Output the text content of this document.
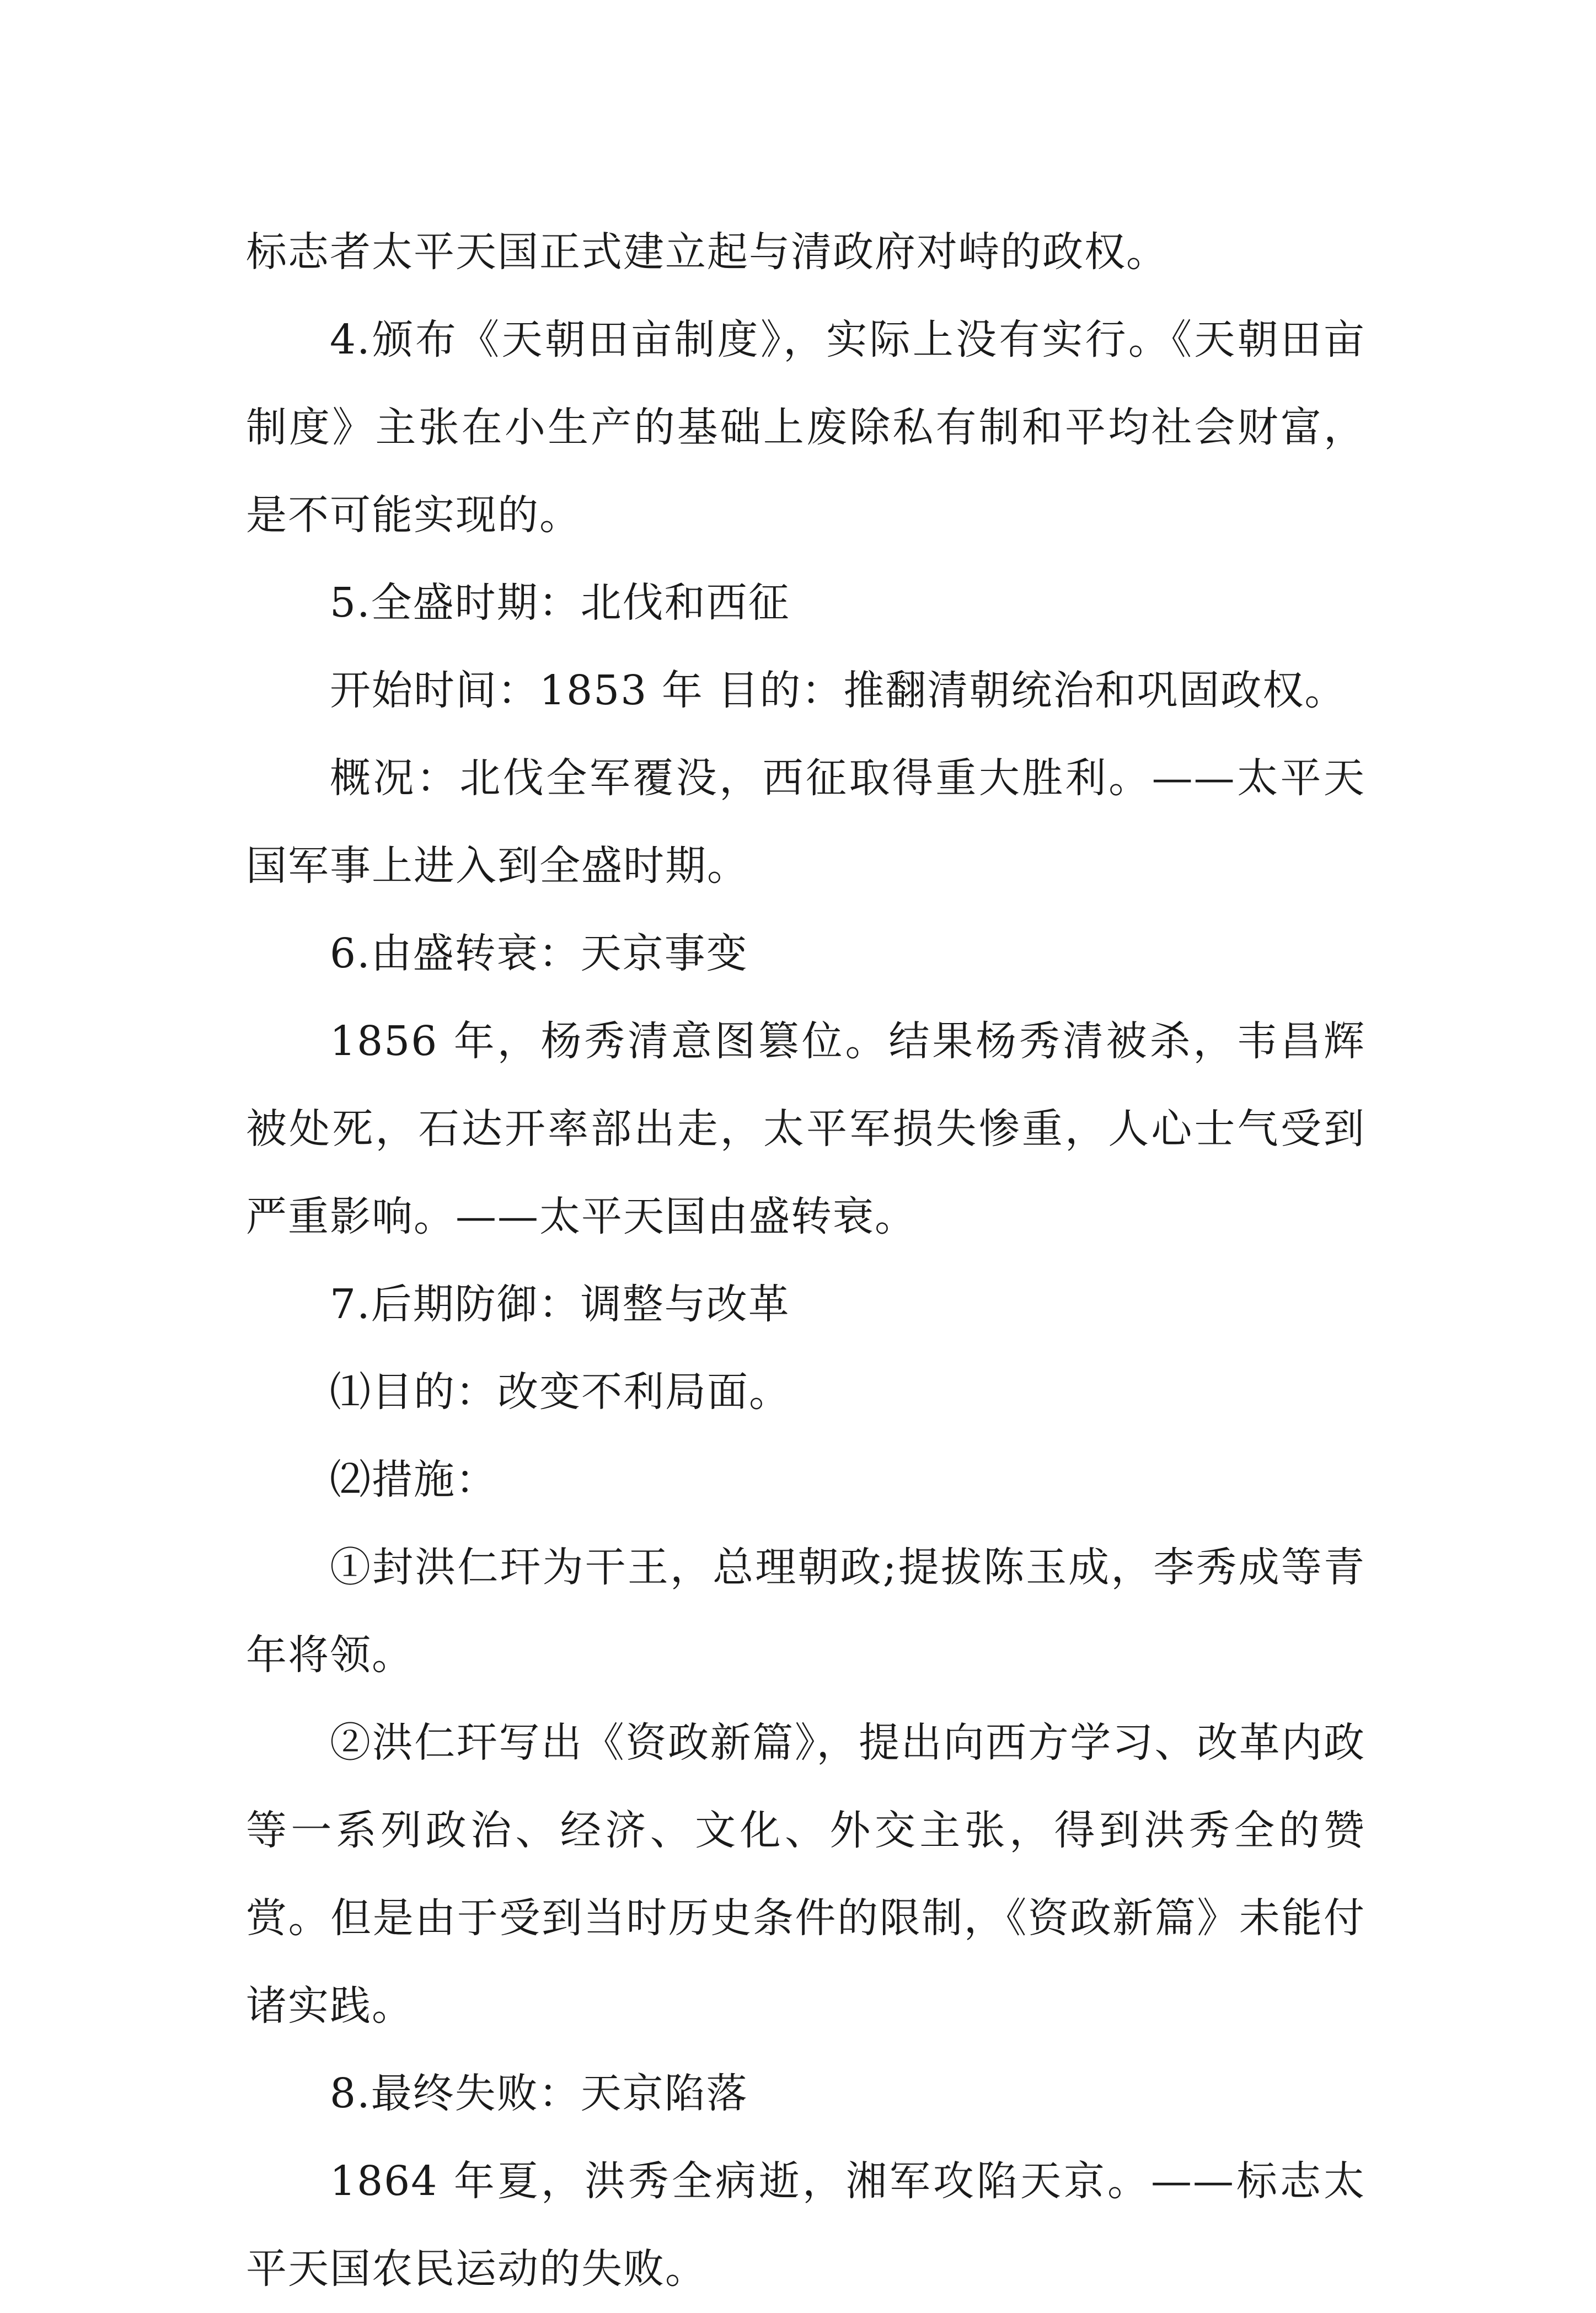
标志者太平天国正式建立起与清政府对峙的政权。

4.颁布《天朝田亩制度》，实际上没有实行。《天朝田亩制度》主张在小生产的基础上废除私有制和平均社会财富，是不可能实现的。

5.全盛时期：北伐和西征

开始时间：1853 年 目的：推翻清朝统治和巩固政权。

概况：北伐全军覆没，西征取得重大胜利。——太平天国军事上进入到全盛时期。

6.由盛转衰：天京事变

1856 年，杨秀清意图篡位。结果杨秀清被杀，韦昌辉被处死，石达开率部出走，太平军损失惨重，人心士气受到严重影响。——太平天国由盛转衰。

7.后期防御：调整与改革

⑴目的：改变不利局面。

⑵措施：

①封洪仁玕为干王，总理朝政;提拔陈玉成，李秀成等青年将领。

②洪仁玕写出《资政新篇》，提出向西方学习、改革内政等一系列政治、经济、文化、外交主张，得到洪秀全的赞赏。但是由于受到当时历史条件的限制，《资政新篇》未能付诸实践。

8.最终失败：天京陷落

1864 年夏，洪秀全病逝，湘军攻陷天京。——标志太平天国农民运动的失败。
